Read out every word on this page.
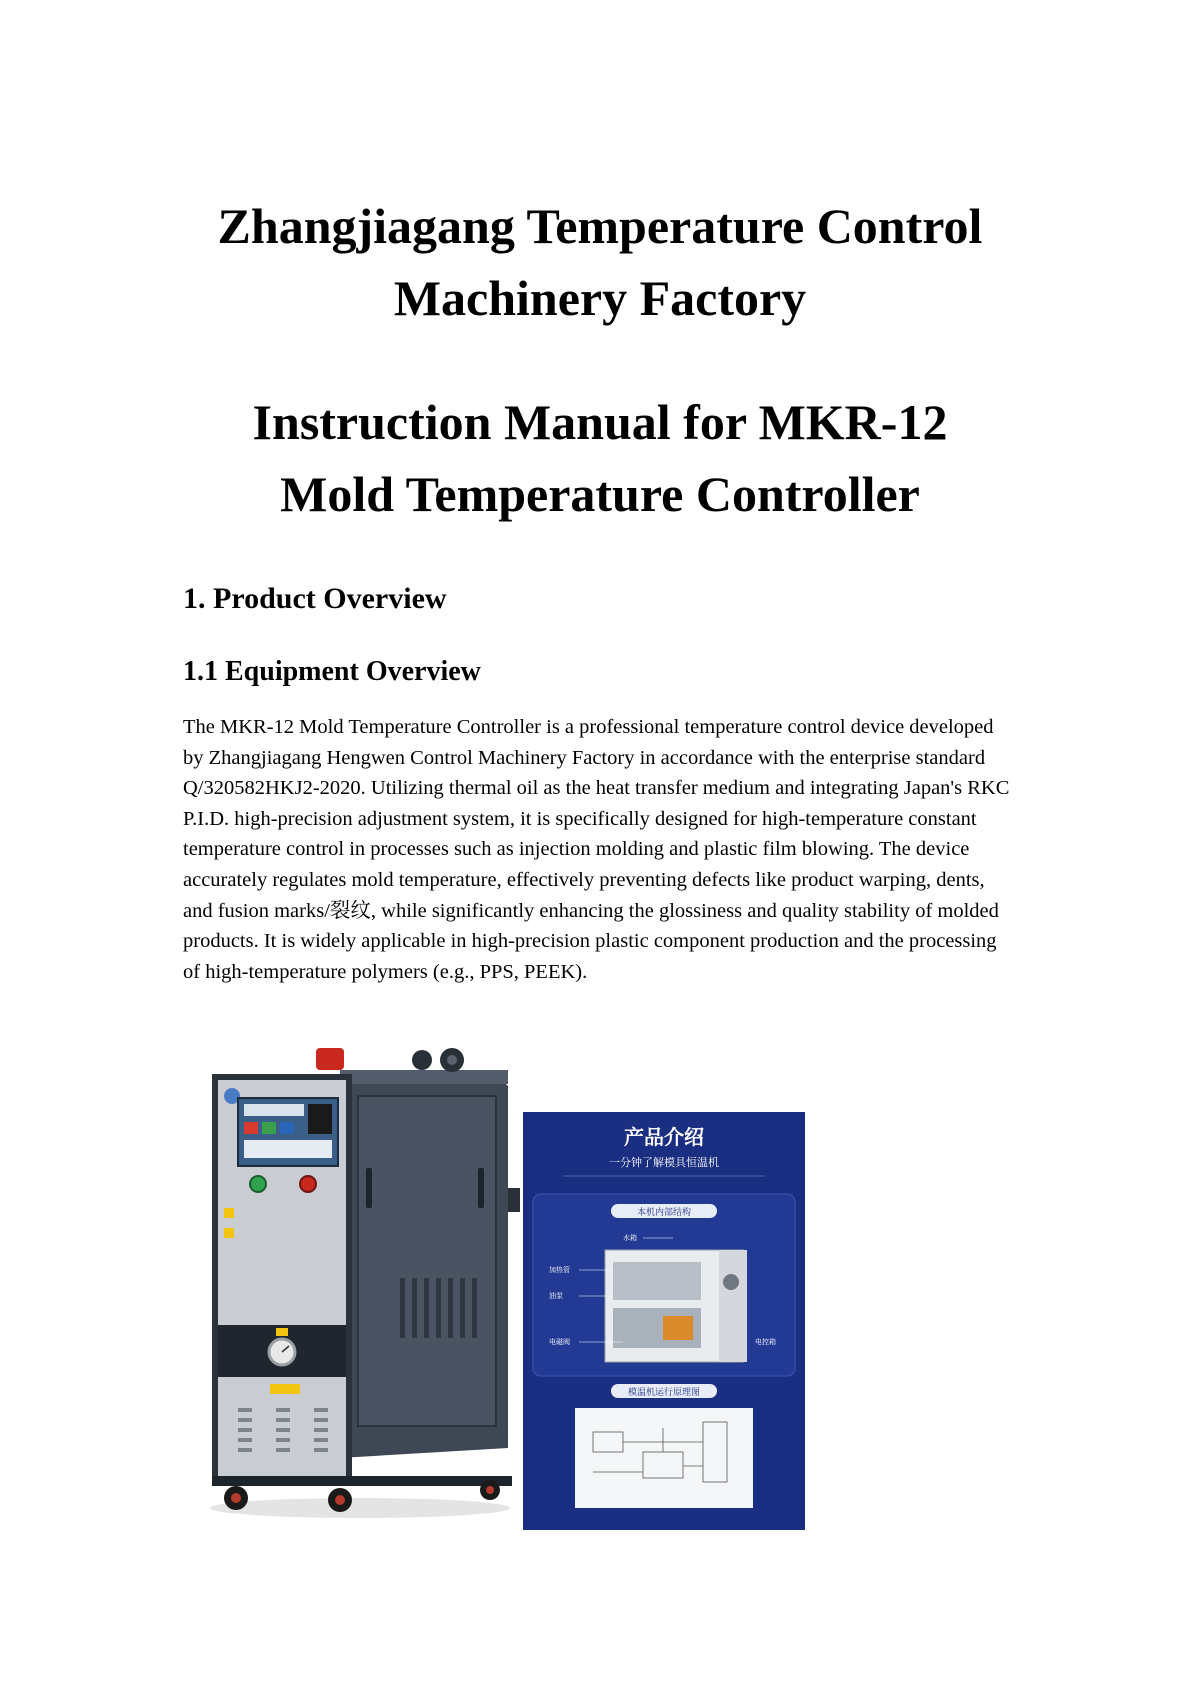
Zhangjiagang Temperature Control
Machinery Factory
Instruction Manual for MKR-12
Mold Temperature Controller
1. Product Overview
1.1 Equipment Overview

The MKR-12 Mold Temperature Controller is a professional temperature control device developed by Zhangjiagang Hengwen Control Machinery Factory in accordance with the enterprise standard Q/320582HKJ2-2020. Utilizing thermal oil as the heat transfer medium and integrating Japan's RKC P.I.D. high-precision adjustment system, it is specifically designed for high-temperature constant temperature control in processes such as injection molding and plastic film blowing. The device accurately regulates mold temperature, effectively preventing defects like product warping, dents, and fusion marks/裂纹, while significantly enhancing the glossiness and quality stability of molded products. It is widely applicable in high-precision plastic component production and the processing of high-temperature polymers (e.g., PPS, PEEK).

产品介绍
一分钟了解模具恒温机
本机内部结构
水箱
加热管
油泵
电磁阀	电控箱
模温机运行原理图
